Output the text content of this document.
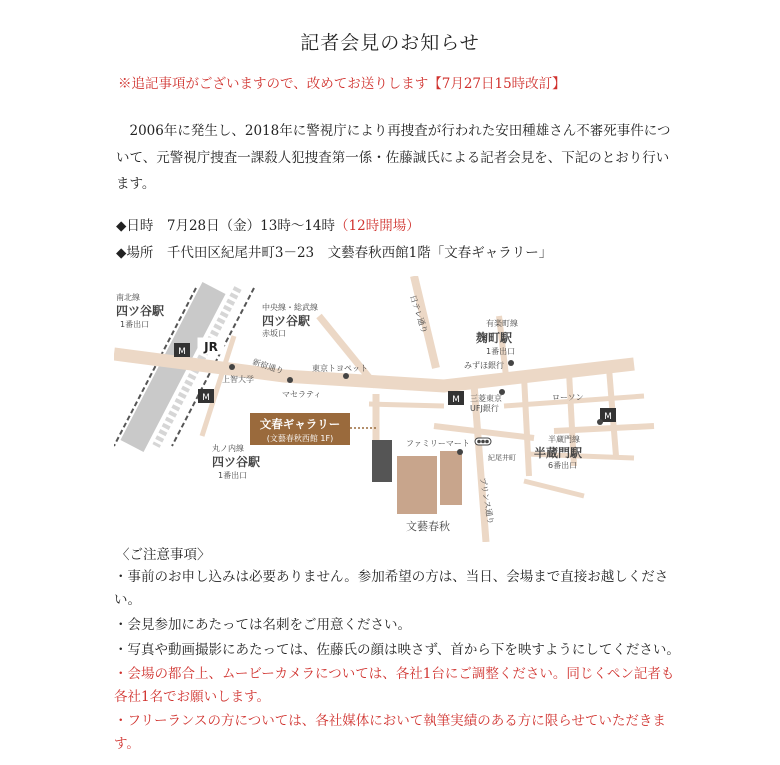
記者会見のお知らせ
※追記事項がございますので、改めてお送りします【7月27日15時改訂】
2006年に発生し、2018年に警視庁により再捜査が行われた安田種雄さん不審死事件について、元警視庁捜査一課殺人犯捜査第一係・佐藤誠氏による記者会見を、下記のとおり行います。
◆日時　7月28日（金）13時〜14時（12時開場）
◆場所　千代田区紀尾井町3－23　文藝春秋西館1階「文春ギャラリー」
文藝春秋
文春ギャラリー
(文藝春秋西館 1F)
M
M	M
M
JR
南北線
四ツ谷駅
1番出口
中央線・総武線
四ツ谷駅
赤坂口
新宿通り	東京トヨペット
上智大学
マセラティ
日テレ通り	有楽町線
麹町駅
1番出口
みずほ銀行
三菱東京
UFJ銀行
ローソン
半蔵門線
半蔵門駅
6番出口
ファミリーマート
紀尾井町
プリンス通り
丸ノ内線
四ツ谷駅
1番出口
〈ご注意事項〉
・事前のお申し込みは必要ありません。参加希望の方は、当日、会場まで直接お越しください。
・会見参加にあたっては名刺をご用意ください。
・写真や動画撮影にあたっては、佐藤氏の顔は映さず、首から下を映すようにしてください。
・会場の都合上、ムービーカメラについては、各社1台にご調整ください。同じくペン記者も各社1名でお願いします。
・フリーランスの方については、各社媒体において執筆実績のある方に限らせていただきます。
